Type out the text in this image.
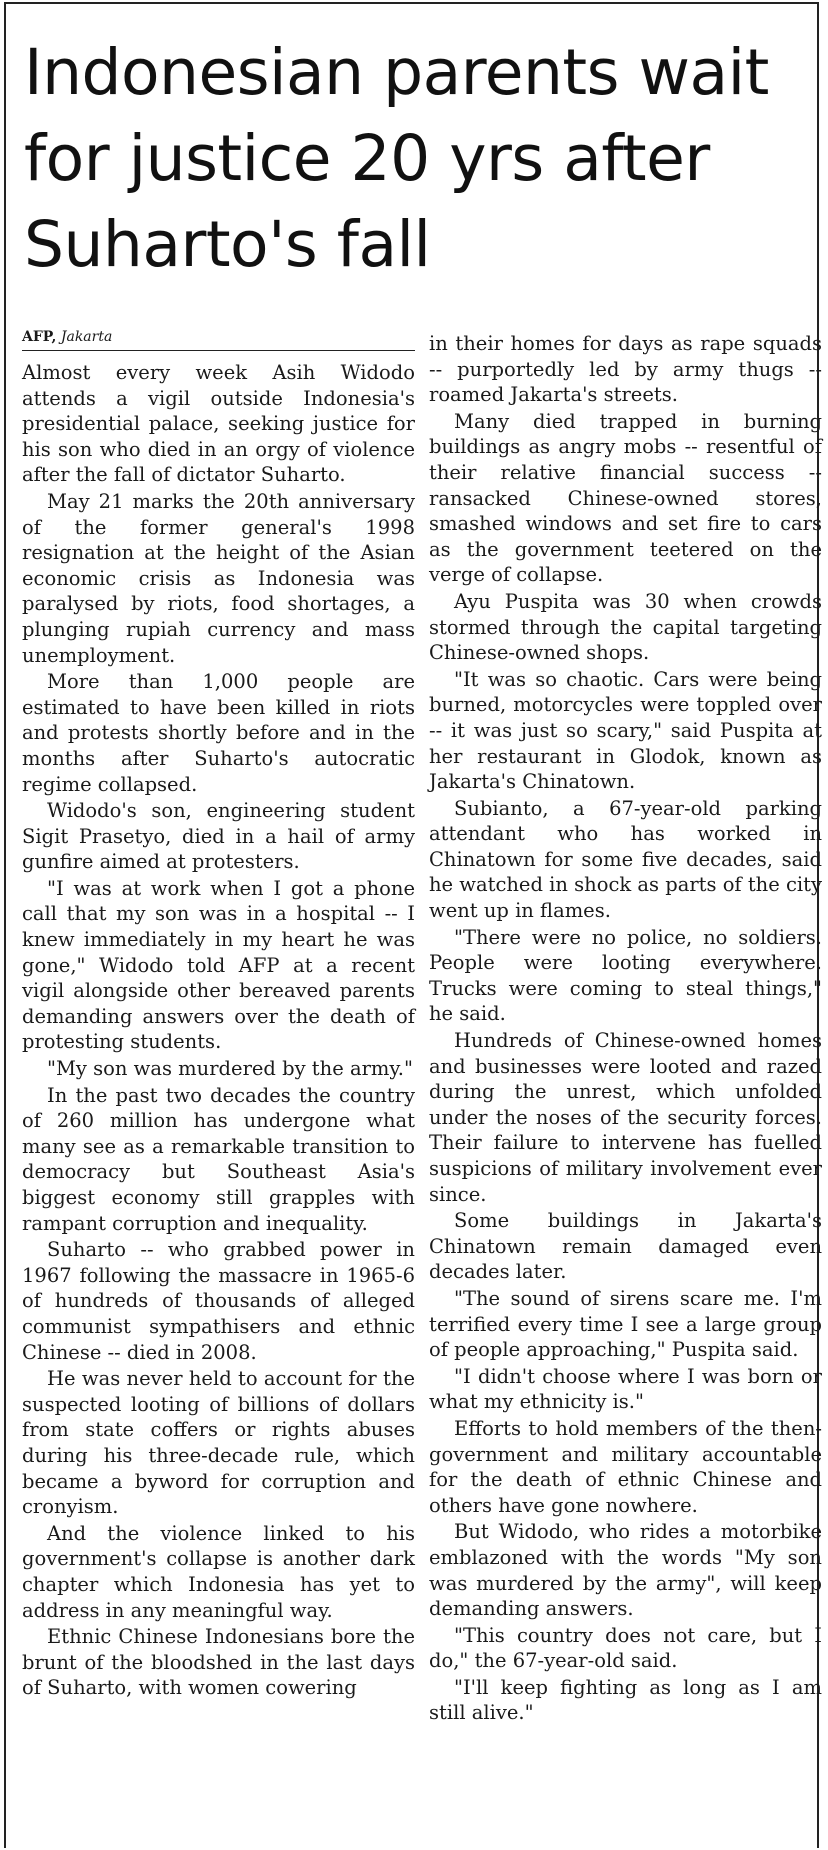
Indonesian parents wait for justice 20 yrs after Suharto's fall
AFP, Jakarta

Almost every week Asih Widodo attends a vigil outside Indonesia's presidential palace, seeking justice for his son who died in an orgy of violence after the fall of dictator Suharto.

May 21 marks the 20th anniversary of the former general's 1998 resignation at the height of the Asian economic crisis as Indonesia was paralysed by riots, food shortages, a plunging rupiah currency and mass unemployment.

More than 1,000 people are estimated to have been killed in riots and protests shortly before and in the months after Suharto's autocratic regime collapsed.

Widodo's son, engineering student Sigit Prasetyo, died in a hail of army gunfire aimed at protesters.

"I was at work when I got a phone call that my son was in a hospital -- I knew immediately in my heart he was gone," Widodo told AFP at a recent vigil alongside other bereaved parents demanding answers over the death of protesting students.

"My son was murdered by the army."

In the past two decades the country of 260 million has undergone what many see as a remarkable transition to democracy but Southeast Asia's biggest economy still grapples with rampant corruption and inequality.

Suharto -- who grabbed power in 1967 following the massacre in 1965-6 of hundreds of thousands of alleged communist sympathisers and ethnic Chinese -- died in 2008.

He was never held to account for the suspected looting of billions of dollars from state coffers or rights abuses during his three-decade rule, which became a byword for corruption and cronyism.

And the violence linked to his government's collapse is another dark chapter which Indonesia has yet to address in any meaningful way.

Ethnic Chinese Indonesians bore the brunt of the bloodshed in the last days of Suharto, with women cowering

in their homes for days as rape squads -- purportedly led by army thugs -- roamed Jakarta's streets.

Many died trapped in burning buildings as angry mobs -- resentful of their relative financial success -- ransacked Chinese-owned stores, smashed windows and set fire to cars as the government teetered on the verge of collapse.

Ayu Puspita was 30 when crowds stormed through the capital targeting Chinese-owned shops.

"It was so chaotic. Cars were being burned, motorcycles were toppled over -- it was just so scary," said Puspita at her restaurant in Glodok, known as Jakarta's Chinatown.

Subianto, a 67-year-old parking attendant who has worked in Chinatown for some five decades, said he watched in shock as parts of the city went up in flames.

"There were no police, no soldiers. People were looting everywhere. Trucks were coming to steal things," he said.

Hundreds of Chinese-owned homes and businesses were looted and razed during the unrest, which unfolded under the noses of the security forces. Their failure to intervene has fuelled suspicions of military involvement ever since.

Some buildings in Jakarta's Chinatown remain damaged even decades later.

"The sound of sirens scare me. I'm terrified every time I see a large group of people approaching," Puspita said.

"I didn't choose where I was born or what my ethnicity is."

Efforts to hold members of the then-government and military accountable for the death of ethnic Chinese and others have gone nowhere.

But Widodo, who rides a motorbike emblazoned with the words "My son was murdered by the army", will keep demanding answers.

"This country does not care, but I do," the 67-year-old said.

"I'll keep fighting as long as I am still alive."
